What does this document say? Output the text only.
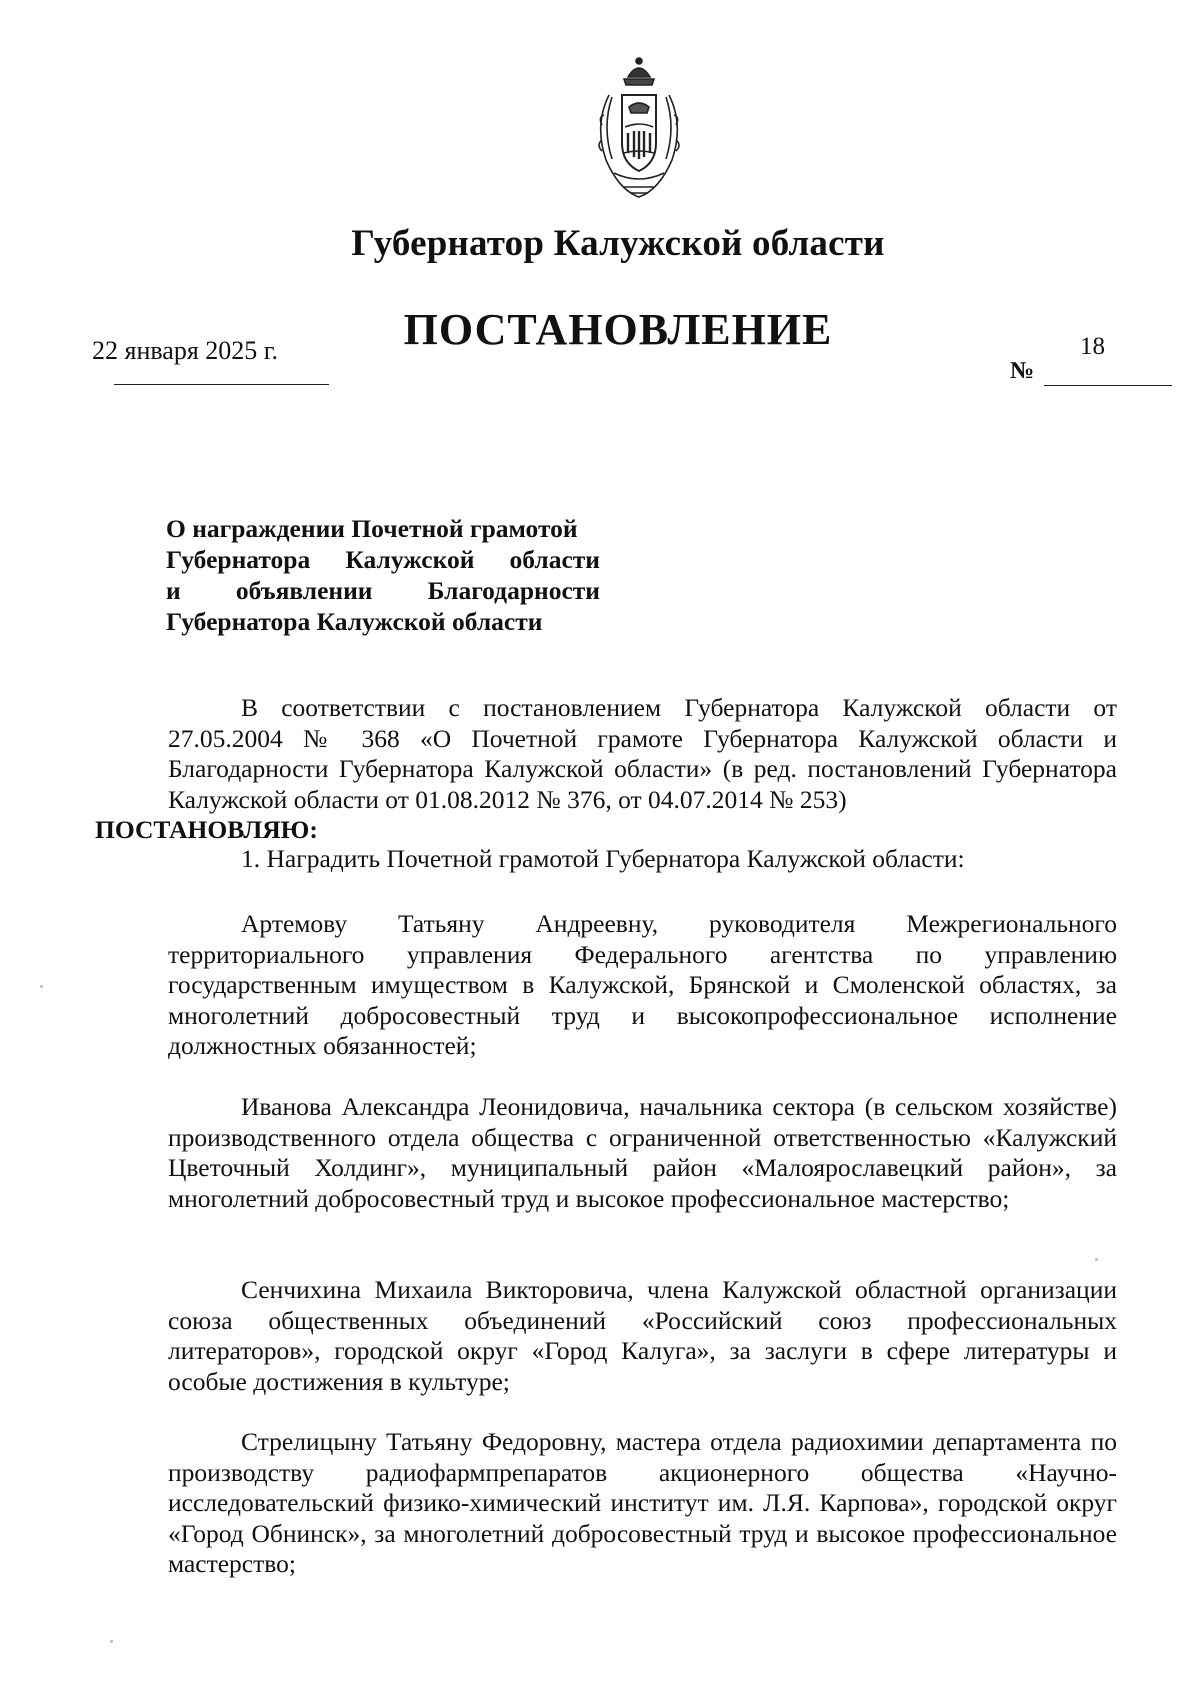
Губернатор Калужской области
ПОСТАНОВЛЕНИЕ
22 января 2025 г.	18
№
О награждении Почетной грамотой
Губернатора Калужской области
и объявлении Благодарности
Губернатора Калужской области
В соответствии с постановлением Губернатора Калужской области от 27.05.2004 № 368 «О Почетной грамоте Губернатора Калужской области и Благодарности Губернатора Калужской области» (в ред. постановлений Губернатора Калужской области от 01.08.2012 № 376, от 04.07.2014 № 253)
ПОСТАНОВЛЯЮ:
1. Наградить Почетной грамотой Губернатора Калужской области:
Артемову Татьяну Андреевну, руководителя Межрегионального территориального управления Федерального агентства по управлению государственным имуществом в Калужской, Брянской и Смоленской областях, за многолетний добросовестный труд и высокопрофессиональное исполнение должностных обязанностей;
Иванова Александра Леонидовича, начальника сектора (в сельском хозяйстве) производственного отдела общества с ограниченной ответственностью «Калужский Цветочный Холдинг», муниципальный район «Малоярославецкий район», за многолетний добросовестный труд и высокое профессиональное мастерство;
Сенчихина Михаила Викторовича, члена Калужской областной организации союза общественных объединений «Российский союз профессиональных литераторов», городской округ «Город Калуга», за заслуги в сфере литературы и особые достижения в культуре;
Стрелицыну Татьяну Федоровну, мастера отдела радиохимии департамента по производству радиофармпрепаратов акционерного общества «Научно-исследовательский физико-химический институт им. Л.Я. Карпова», городской округ «Город Обнинск», за многолетний добросовестный труд и высокое профессиональное мастерство;
